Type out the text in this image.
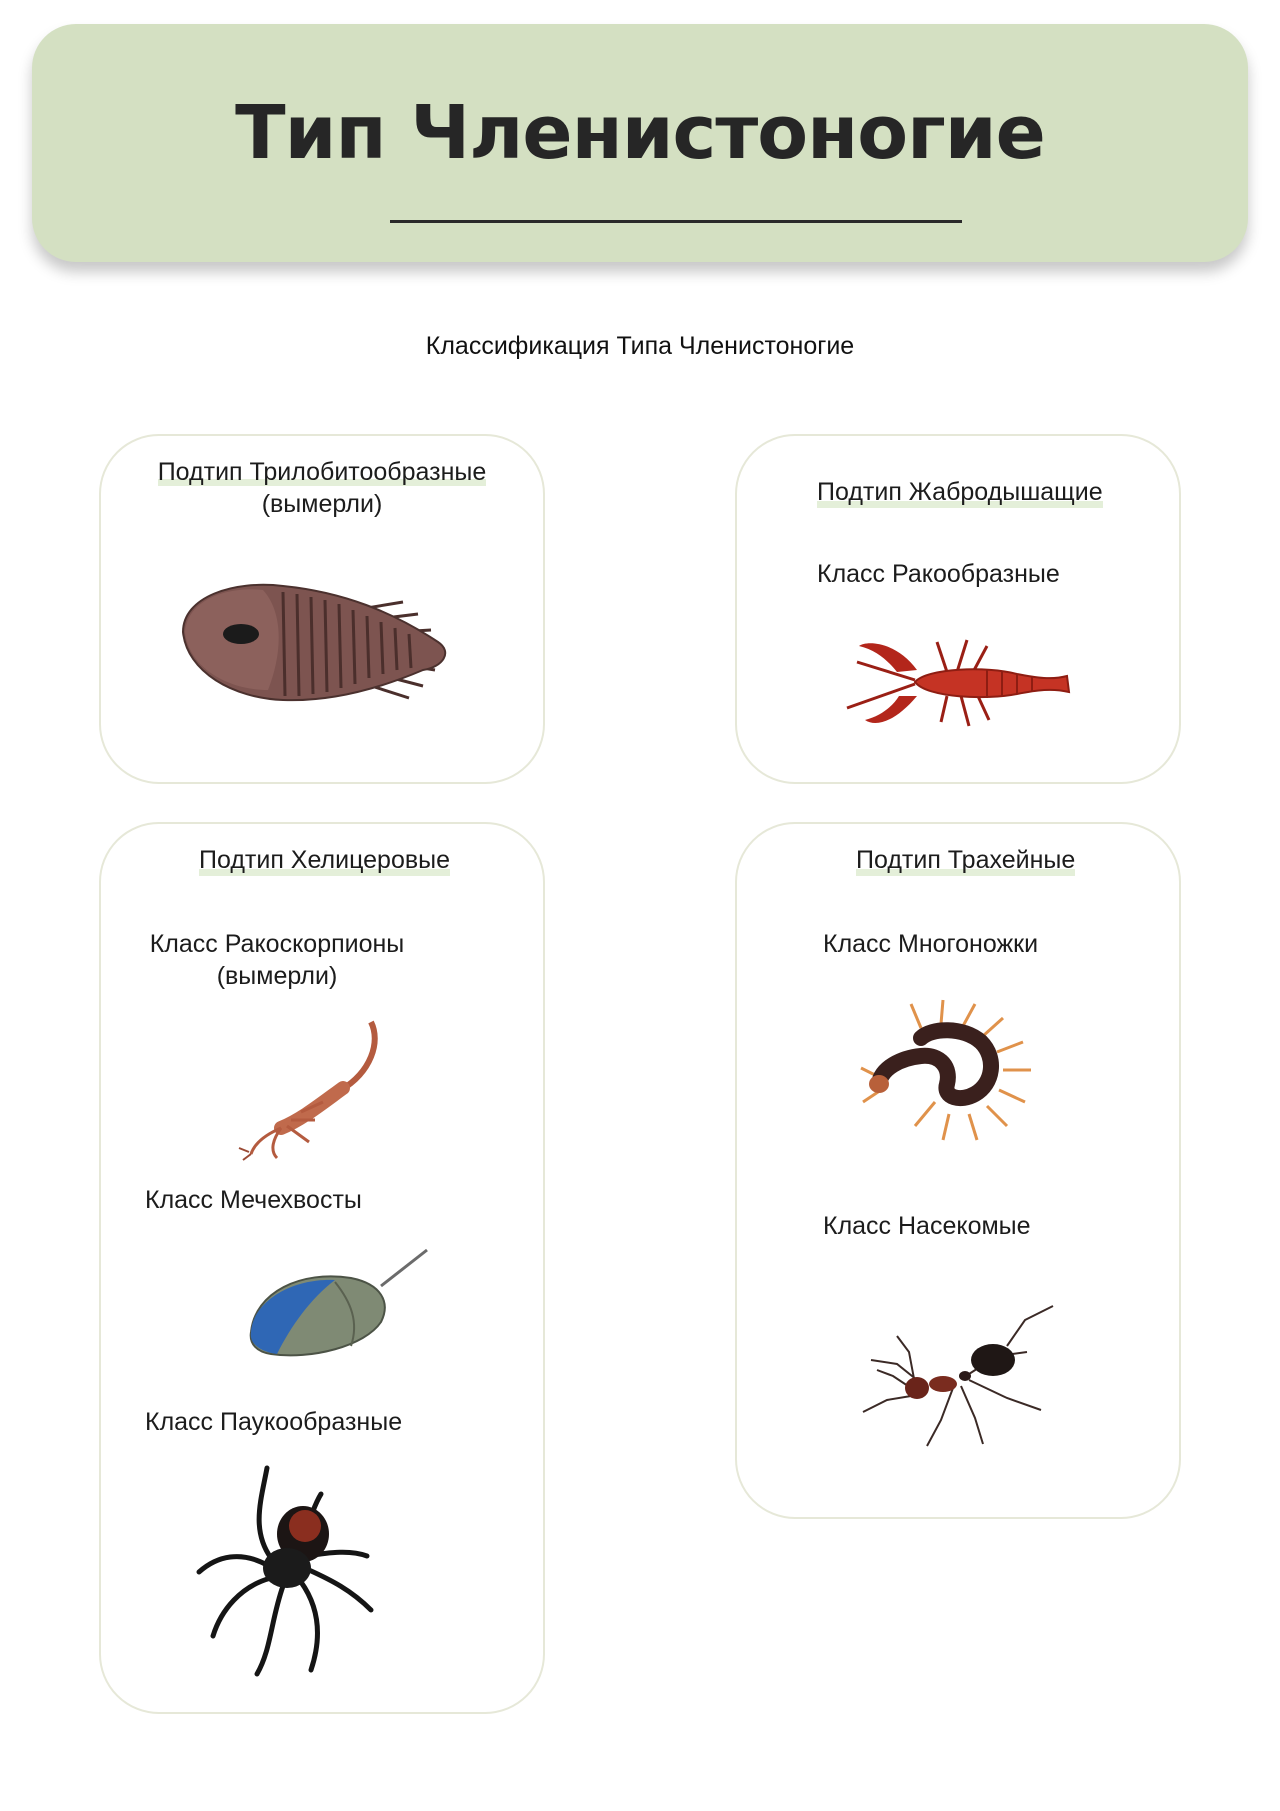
Тип Членистоногие
Классификация Типа Членистоногие
Подтип Трилобитообразные
(вымерли)	Подтип Жабродышащие
Класс Ракообразные
Подтип Хелицеровые
Класс Ракоскорпионы
(вымерли)
Класс Мечехвосты
Класс Паукообразные
Подтип Трахейные
Класс Многоножки
Класс Насекомые
